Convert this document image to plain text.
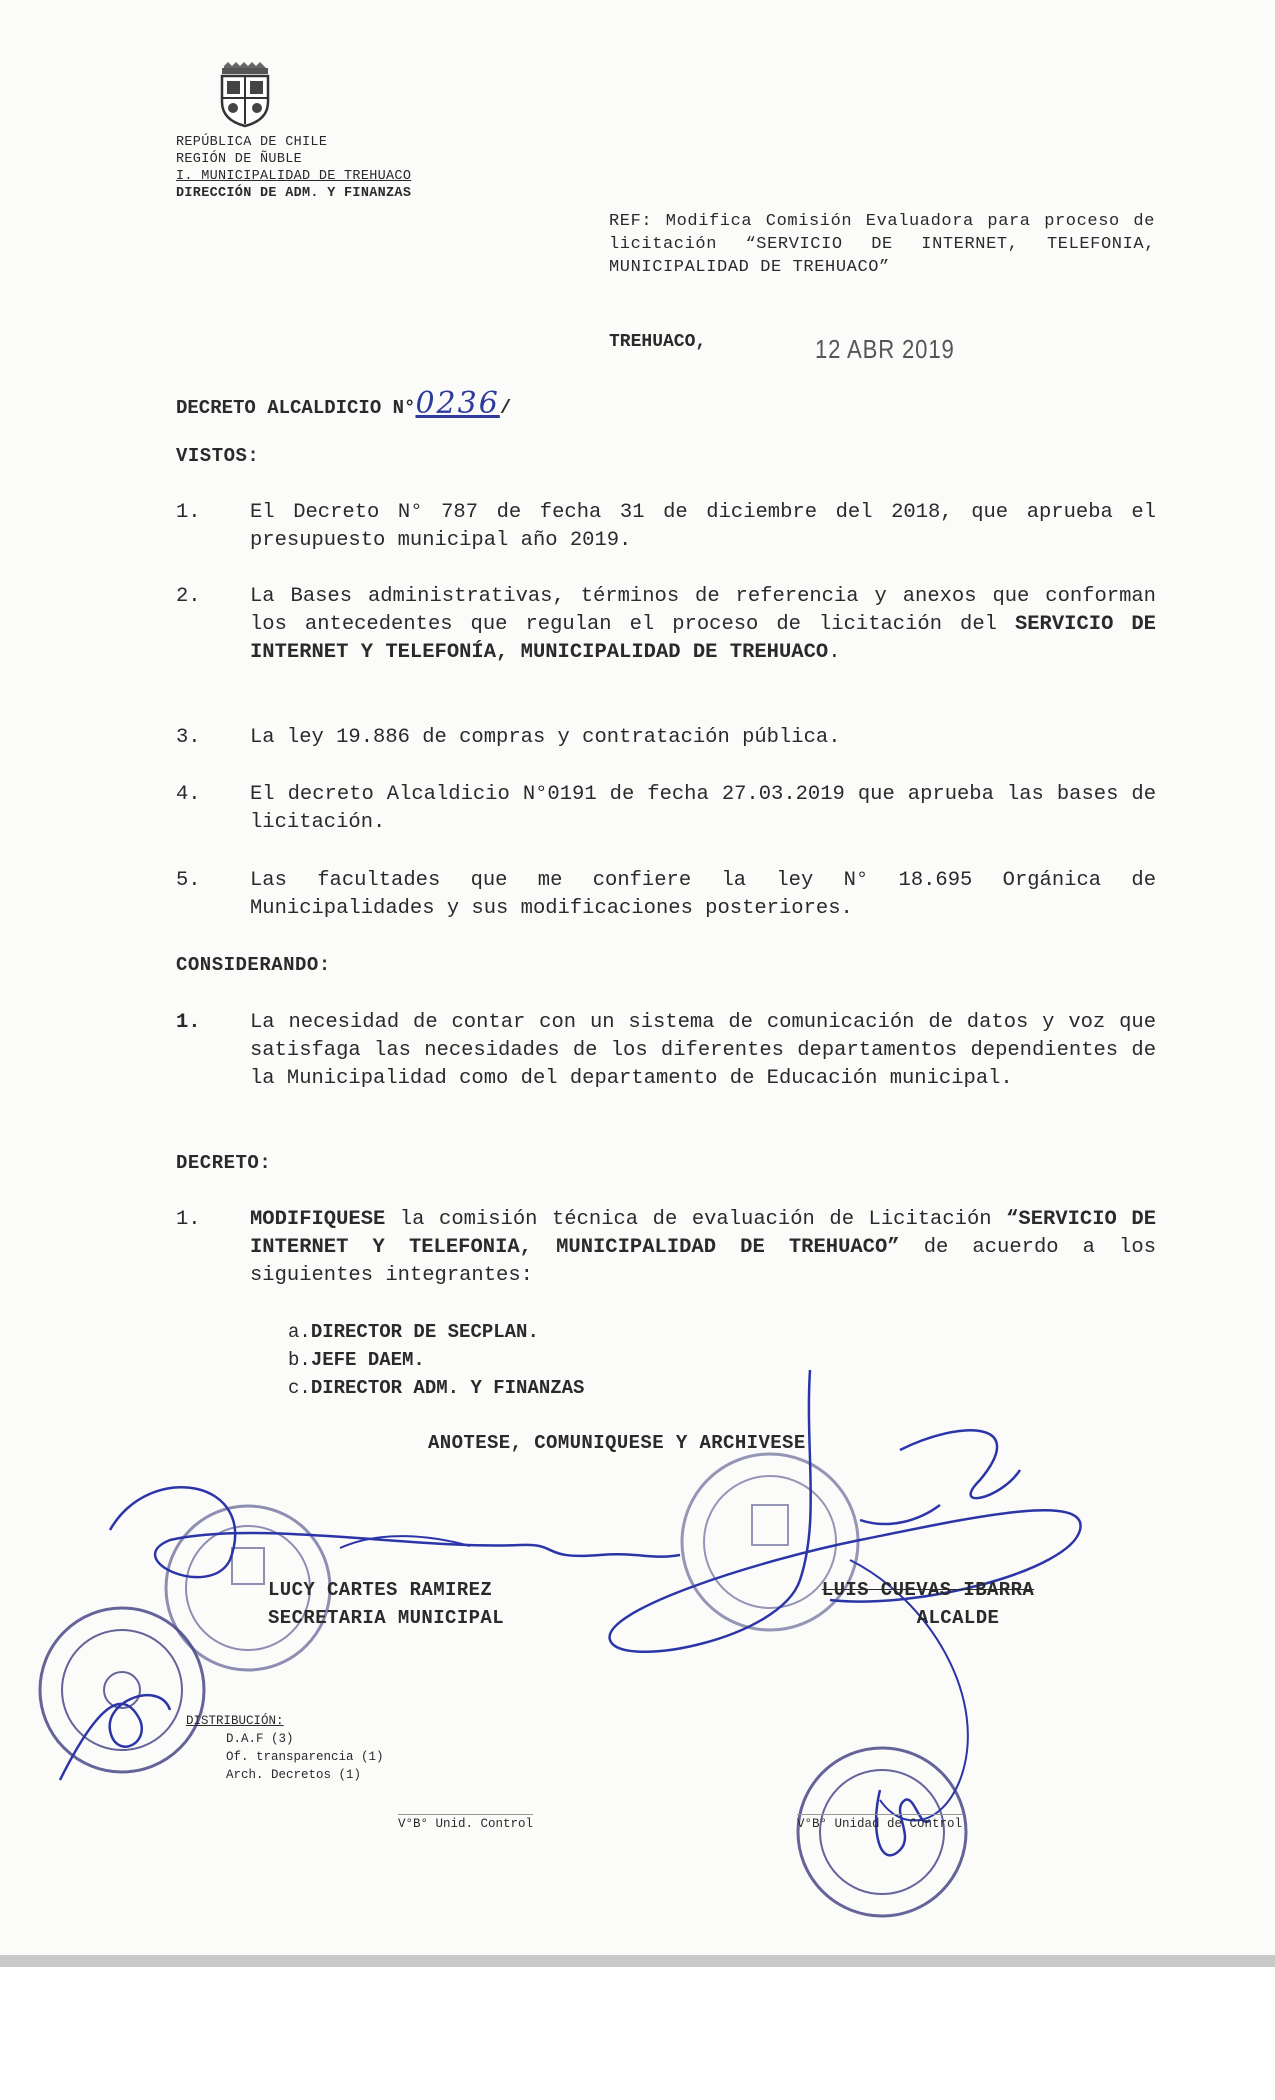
REPÚBLICA DE CHILE
REGIÓN DE ÑUBLE
I. MUNICIPALIDAD DE TREHUACO
DIRECCIÓN DE ADM. Y FINANZAS
REF: Modifica Comisión Evaluadora para proceso de licitación “SERVICIO DE INTERNET, TELEFONIA, MUNICIPALIDAD DE TREHUACO”
TREHUACO,	12 ABR 2019
DECRETO ALCALDICIO N°0236/
VISTOS:
1. El Decreto N° 787 de fecha 31 de diciembre del 2018, que aprueba el presupuesto municipal año 2019.
2. La Bases administrativas, términos de referencia y anexos que conforman los antecedentes que regulan el proceso de licitación del SERVICIO DE INTERNET Y TELEFONÍA, MUNICIPALIDAD DE TREHUACO.
3. La ley 19.886 de compras y contratación pública.
4. El decreto Alcaldicio N°0191 de fecha 27.03.2019 que aprueba las bases de licitación.
5. Las facultades que me confiere la ley N° 18.695 Orgánica de Municipalidades y sus modificaciones posteriores.
CONSIDERANDO:
1. La necesidad de contar con un sistema de comunicación de datos y voz que satisfaga las necesidades de los diferentes departamentos dependientes de la Municipalidad como del departamento de Educación municipal.
DECRETO:
1. MODIFIQUESE la comisión técnica de evaluación de Licitación “SERVICIO DE INTERNET Y TELEFONIA, MUNICIPALIDAD DE TREHUACO” de acuerdo a los siguientes integrantes:
a.DIRECTOR DE SECPLAN.
b.JEFE DAEM.
c.DIRECTOR ADM. Y FINANZAS
ANOTESE, COMUNIQUESE Y ARCHIVESE
LUCY CARTES RAMIREZ
SECRETARIA MUNICIPAL
LUIS CUEVAS IBARRA
ALCALDE
DISTRIBUCIÓN:
D.A.F (3)
Of. transparencia (1)
Arch. Decretos (1)
V°B° Unid. Control	V°B° Unidad de Control
